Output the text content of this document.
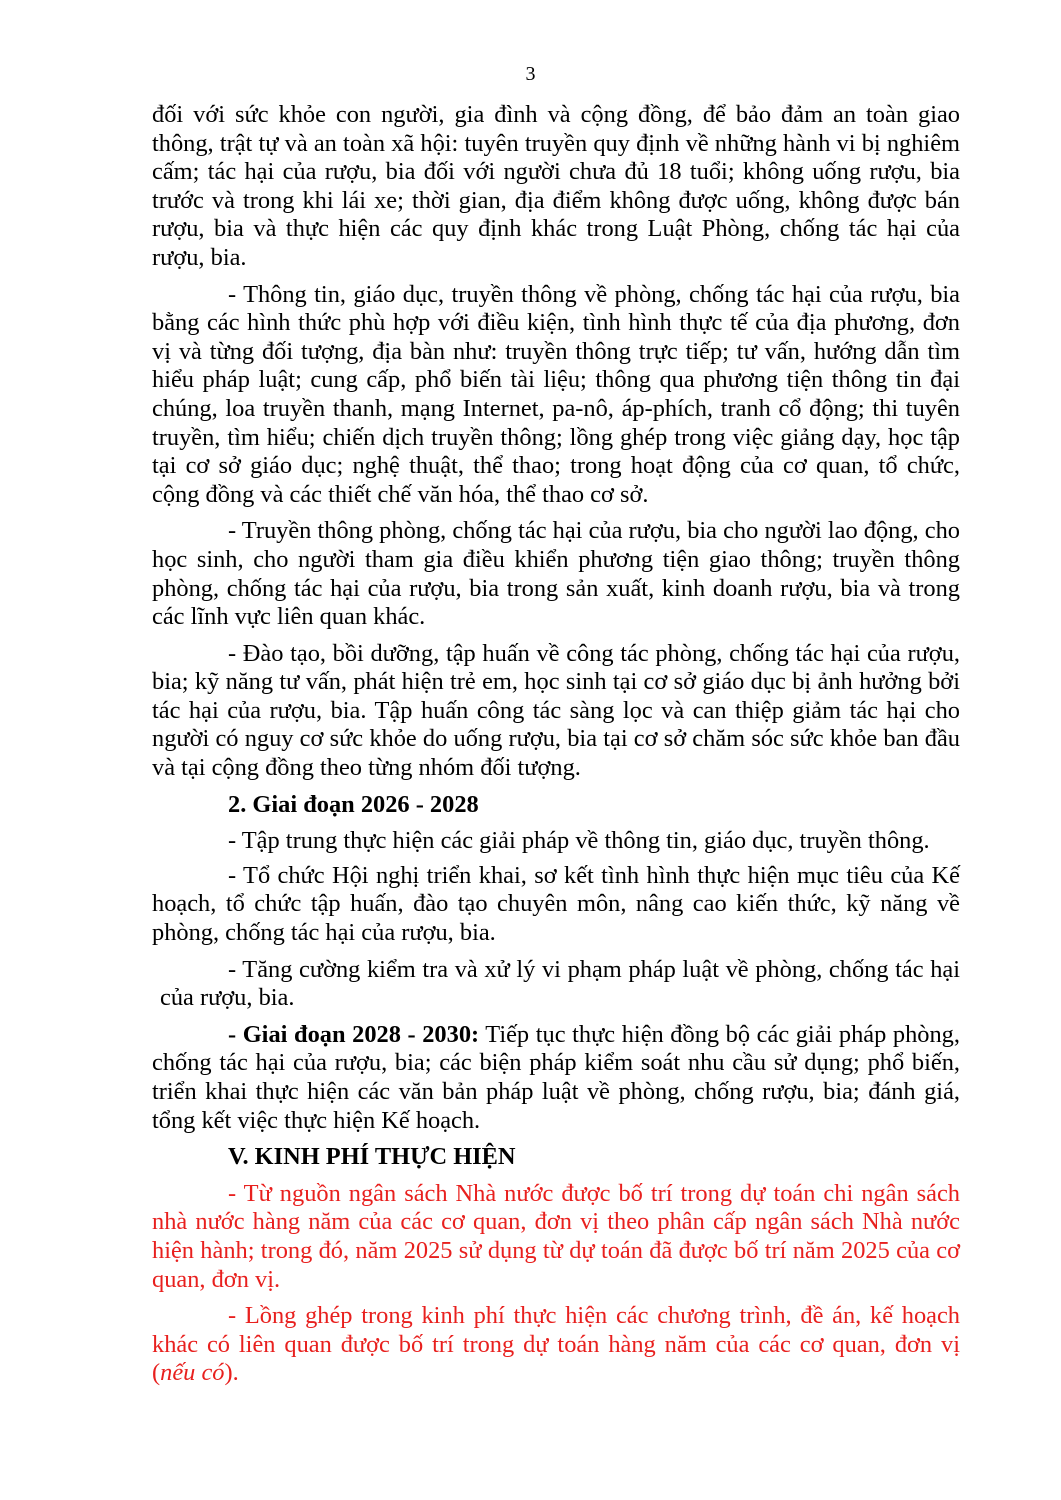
3

đối với sức khỏe con người, gia đình và cộng đồng, để bảo đảm an toàn giao thông, trật tự và an toàn xã hội: tuyên truyền quy định về những hành vi bị nghiêm cấm; tác hại của rượu, bia đối với người chưa đủ 18 tuổi; không uống rượu, bia trước và trong khi lái xe; thời gian, địa điểm không được uống, không được bán rượu, bia và thực hiện các quy định khác trong Luật Phòng, chống tác hại của rượu, bia.

- Thông tin, giáo dục, truyền thông về phòng, chống tác hại của rượu, bia bằng các hình thức phù hợp với điều kiện, tình hình thực tế của địa phương, đơn vị và từng đối tượng, địa bàn như: truyền thông trực tiếp; tư vấn, hướng dẫn tìm hiểu pháp luật; cung cấp, phổ biến tài liệu; thông qua phương tiện thông tin đại chúng, loa truyền thanh, mạng Internet, pa-nô, áp-phích, tranh cổ động; thi tuyên truyền, tìm hiểu; chiến dịch truyền thông; lồng ghép trong việc giảng dạy, học tập tại cơ sở giáo dục; nghệ thuật, thể thao; trong hoạt động của cơ quan, tổ chức, cộng đồng và các thiết chế văn hóa, thể thao cơ sở.

- Truyền thông phòng, chống tác hại của rượu, bia cho người lao động, cho học sinh, cho người tham gia điều khiển phương tiện giao thông; truyền thông phòng, chống tác hại của rượu, bia trong sản xuất, kinh doanh rượu, bia và trong các lĩnh vực liên quan khác.

- Đào tạo, bồi dưỡng, tập huấn về công tác phòng, chống tác hại của rượu, bia; kỹ năng tư vấn, phát hiện trẻ em, học sinh tại cơ sở giáo dục bị ảnh hưởng bởi tác hại của rượu, bia. Tập huấn công tác sàng lọc và can thiệp giảm tác hại cho người có nguy cơ sức khỏe do uống rượu, bia tại cơ sở chăm sóc sức khỏe ban đầu và tại cộng đồng theo từng nhóm đối tượng.

2. Giai đoạn 2026 - 2028

- Tập trung thực hiện các giải pháp về thông tin, giáo dục, truyền thông.

- Tổ chức Hội nghị triển khai, sơ kết tình hình thực hiện mục tiêu của Kế hoạch, tổ chức tập huấn, đào tạo chuyên môn, nâng cao kiến thức, kỹ năng về phòng, chống tác hại của rượu, bia.

- Tăng cường kiểm tra và xử lý vi phạm pháp luật về phòng, chống tác hại của rượu, bia.

- Giai đoạn 2028 - 2030: Tiếp tục thực hiện đồng bộ các giải pháp phòng, chống tác hại của rượu, bia; các biện pháp kiểm soát nhu cầu sử dụng; phổ biến, triển khai thực hiện các văn bản pháp luật về phòng, chống rượu, bia; đánh giá, tổng kết việc thực hiện Kế hoạch.

V. KINH PHÍ THỰC HIỆN

- Từ nguồn ngân sách Nhà nước được bố trí trong dự toán chi ngân sách nhà nước hàng năm của các cơ quan, đơn vị theo phân cấp ngân sách Nhà nước hiện hành; trong đó, năm 2025 sử dụng từ dự toán đã được bố trí năm 2025 của cơ quan, đơn vị.

- Lồng ghép trong kinh phí thực hiện các chương trình, đề án, kế hoạch khác có liên quan được bố trí trong dự toán hàng năm của các cơ quan, đơn vị (nếu có).
